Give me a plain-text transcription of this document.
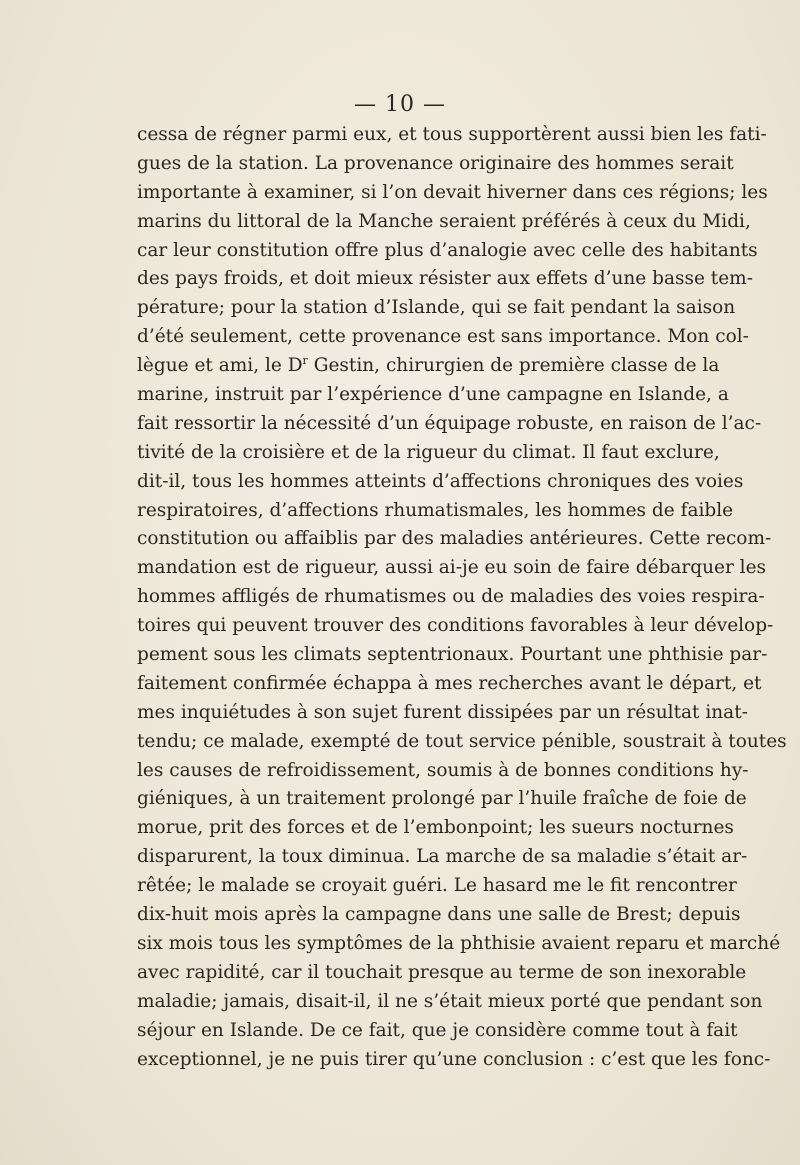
— 10 —
cessa de régner parmi eux, et tous supportèrent aussi bien les fati-
gues de la station. La provenance originaire des hommes serait
importante à examiner, si l’on devait hiverner dans ces régions; les
marins du littoral de la Manche seraient préférés à ceux du Midi,
car leur constitution offre plus d’analogie avec celle des habitants
des pays froids, et doit mieux résister aux effets d’une basse tem-
pérature; pour la station d’Islande, qui se fait pendant la saison
d’été seulement, cette provenance est sans importance. Mon col-
lègue et ami, le $D^r$ Gestin, chirurgien de première classe de la
marine, instruit par l’expérience d’une campagne en Islande, a
fait ressortir la nécessité d’un équipage robuste, en raison de l’ac-
tivité de la croisière et de la rigueur du climat. Il faut exclure,
dit-il, tous les hommes atteints d’affections chroniques des voies
respiratoires, d’affections rhumatismales, les hommes de faible
constitution ou affaiblis par des maladies antérieures. Cette recom-
mandation est de rigueur, aussi ai-je eu soin de faire débarquer les
hommes affligés de rhumatismes ou de maladies des voies respira-
toires qui peuvent trouver des conditions favorables à leur dévelop-
pement sous les climats septentrionaux. Pourtant une phthisie par-
faitement confirmée échappa à mes recherches avant le départ, et
mes inquiétudes à son sujet furent dissipées par un résultat inat-
tendu; ce malade, exempté de tout service pénible, soustrait à toutes
les causes de refroidissement, soumis à de bonnes conditions hy-
giéniques, à un traitement prolongé par l’huile fraîche de foie de
morue, prit des forces et de l’embonpoint; les sueurs nocturnes
disparurent, la toux diminua. La marche de sa maladie s’était ar-
rêtée; le malade se croyait guéri. Le hasard me le fit rencontrer
dix-huit mois après la campagne dans une salle de Brest; depuis
six mois tous les symptômes de la phthisie avaient reparu et marché
avec rapidité, car il touchait presque au terme de son inexorable
maladie; jamais, disait-il, il ne s’était mieux porté que pendant son
séjour en Islande. De ce fait, que je considère comme tout à fait
exceptionnel, je ne puis tirer qu’une conclusion : c’est que les fonc-
